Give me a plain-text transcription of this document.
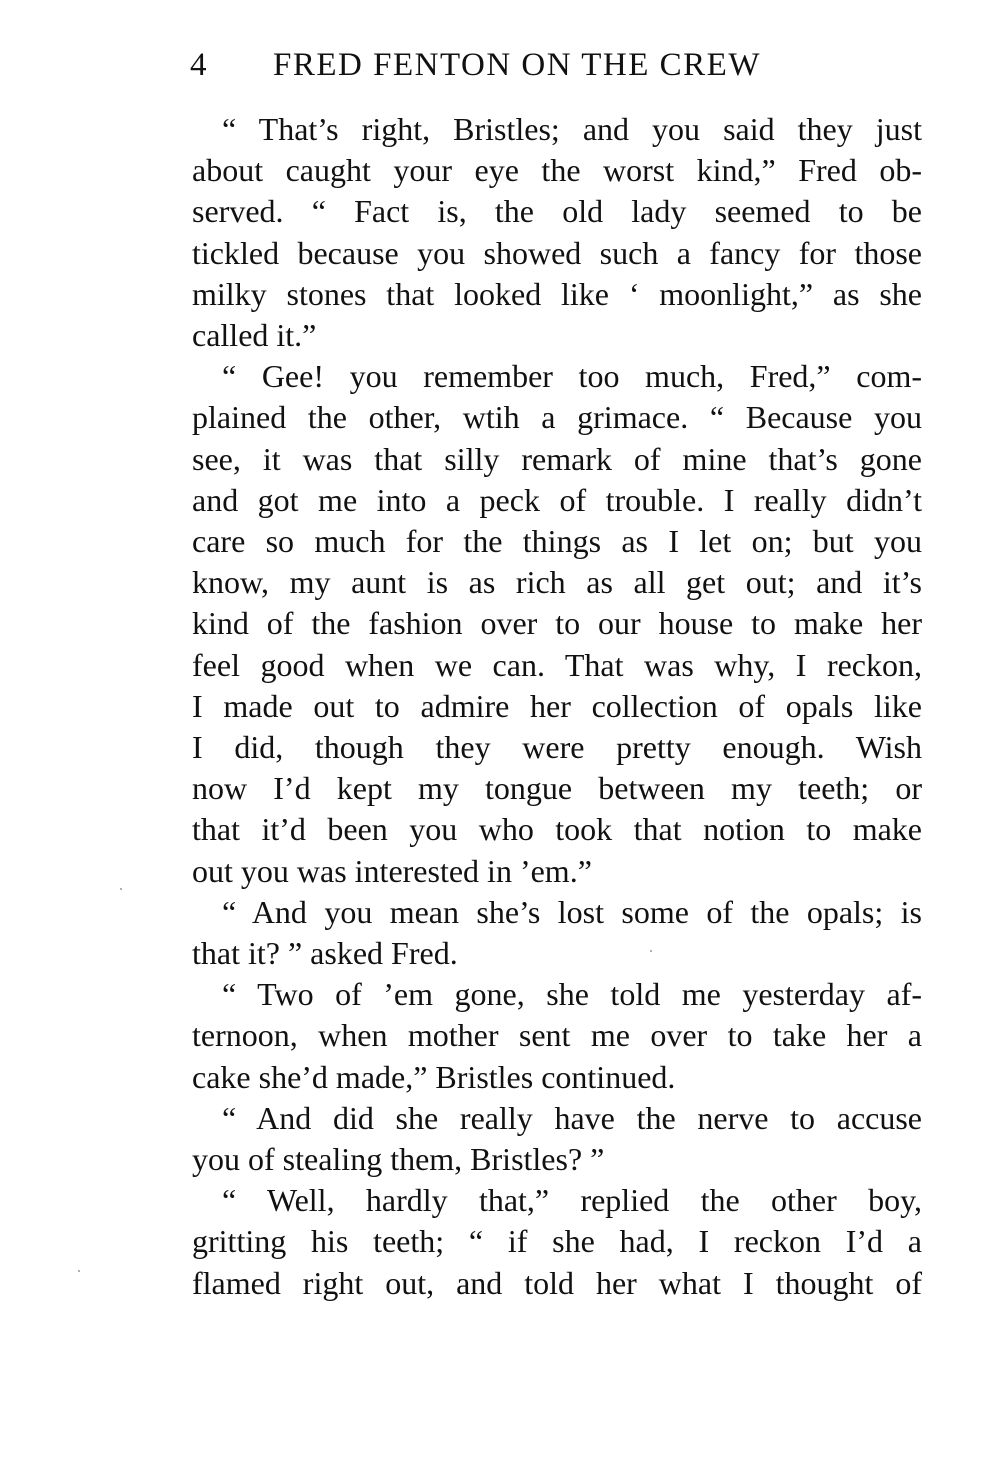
4 FRED FENTON ON THE CREW
“ That’s right, Bristles; and you said they just
about caught your eye the worst kind,” Fred ob-
served. “ Fact is, the old lady seemed to be
tickled because you showed such a fancy for those
milky stones that looked like ‘ moonlight,” as she
called it.”
“ Gee! you remember too much, Fred,” com-
plained the other, wtih a grimace. “ Because you
see, it was that silly remark of mine that’s gone
and got me into a peck of trouble. I really didn’t
care so much for the things as I let on; but you
know, my aunt is as rich as all get out; and it’s
kind of the fashion over to our house to make her
feel good when we can. That was why, I reckon,
I made out to admire her collection of opals like
I did, though they were pretty enough. Wish
now I’d kept my tongue between my teeth; or
that it’d been you who took that notion to make
out you was interested in ’em.”
“ And you mean she’s lost some of the opals; is
that it? ” asked Fred.
“ Two of ’em gone, she told me yesterday af-
ternoon, when mother sent me over to take her a
cake she’d made,” Bristles continued.
“ And did she really have the nerve to accuse
you of stealing them, Bristles? ”
“ Well, hardly that,” replied the other boy,
gritting his teeth; “ if she had, I reckon I’d a
flamed right out, and told her what I thought of
